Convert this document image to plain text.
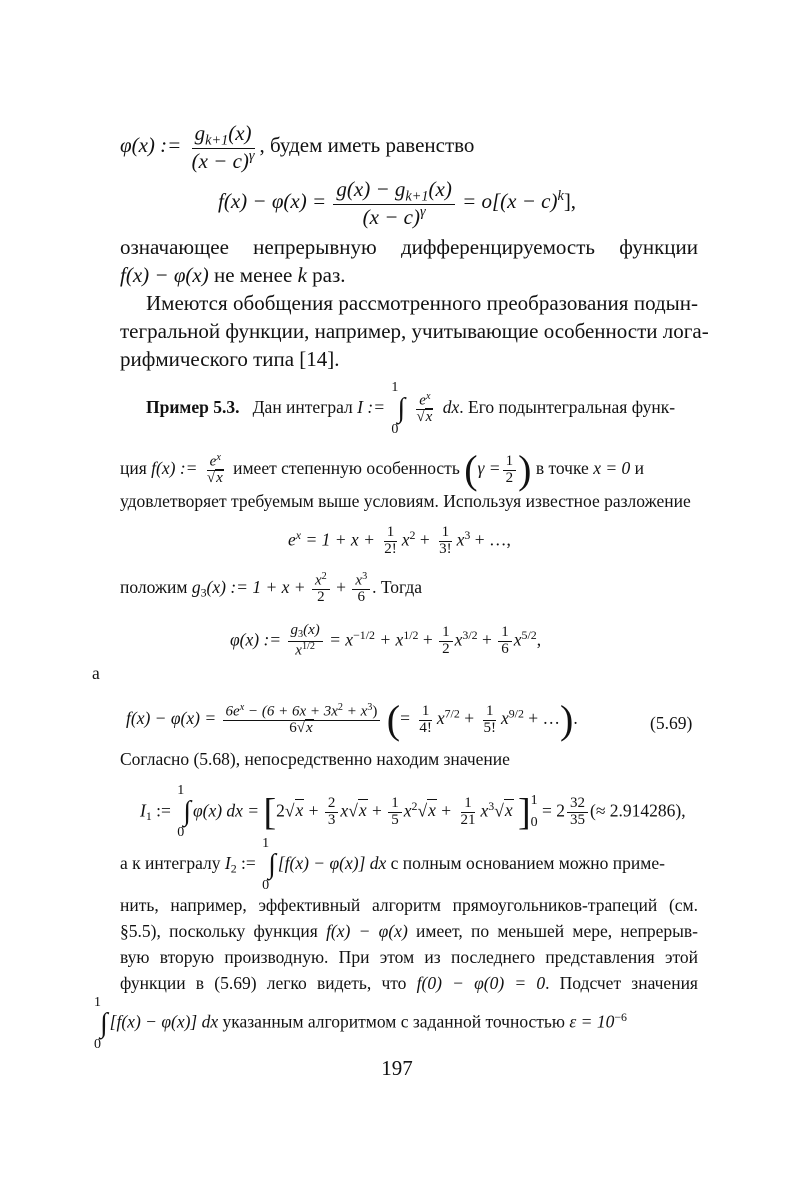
φ(x) := $\frac{g_{k+1}(x)}{(x - c)^\gamma}$ , будем иметь равенство
$f(x) - \varphi(x) = \frac{g(x) - g_{k+1}(x)}{(x - c)^\gamma} = o[(x - c)^k]$,
означающее непрерывную дифференцируемость функции
f(x) − φ(x) не менее k раз.
Имеются обобщения рассмотренного преобразования подын-
тегральной функции, например, учитывающие особенности лога-
рифмического типа [14].
Пример 5.3. Дан интеграл I := ∫
1
0

$\frac{e^x}{√x}$ dx. Его подынтегральная функ-
ция f(x) := $\frac{e^x}{√x}$ имеет степенную особенность ($\gamma = \frac{1}{2}$ ) в точке x = 0 и
удовлетворяет требуемым выше условиям. Используя известное разложение
$e^x = 1 + x + \frac{1}{2!} x^2 + \frac{1}{3!} x^3$ + …,
положим $g_3(x)$ := $1 + x + \frac{x^2}{2} + \frac{x^3}{6}$ . Тогда
φ(x) := $\frac{g_3(x)}{x^{1/2}} = x^{-1/2} + x^{1/2} + \frac{1}{2} x^{3/2} + \frac{1}{6} x^{5/2}$,
а
$f(x) - \varphi(x) = \frac{6e^x - (6 + 6x + 3x^2 + x^3)}{6√x}$ (= $\frac{1}{4!} x^{7/2} + \frac{1}{5!} x^{9/2}$ + …).	(5.69)
Согласно (5.68), непосредственно находим значение
$I_1$ := ∫
1
0
φ(x) dx = [$2√x + \frac{2}{3} x√x + \frac{1}{5} x^2√x + \frac{1}{21} x^3√x$ ] 1
0
= $2 \frac{32}{35}$ (≈ 2.914286),
а к интегралу $I_2$ := ∫
1
0
[f(x) − φ(x)] dx с полным основанием можно приме-
нить, например, эффективный алгоритм прямоугольников-трапеций (см.
§5.5), поскольку функция f(x) − φ(x) имеет, по меньшей мере, непрерыв-
вую вторую производную. При этом из последнего представления этой
функции в (5.69) легко видеть, что f(0) − φ(0) = 0. Подсчет значения
∫
1
0
[f(x) − φ(x)] dx указанным алгоритмом с заданной точностью $\varepsilon = 10^{-6}$
197
